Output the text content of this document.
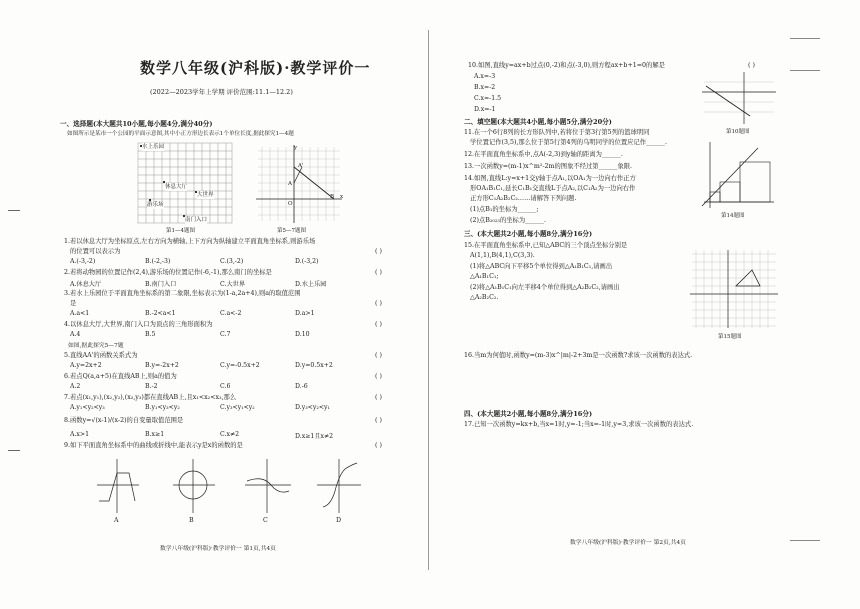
数学八年级(沪科版)·教学评价一
(2022—2023学年上学期 评价范围:11.1—12.2)
一、选择题(本大题共10小题,每小题4分,满分40分)
如图所示是某市一个公园的平面示意图,其中小正方形边长表示1个单位长度,据此探究1—4题
水上乐园
休息大厅
大世界
游乐场
南门入口
第1—4题图
y
A'
A
B
O
x
第5—7题图
1.若以休息大厅为坐标原点,左右方向为横轴,上下方向为纵轴建立平面直角坐标系,则游乐场
的位置可以表示为	( )
A.(-3,-2)	B.(-2,-3)	C.(3,-2)	D.(-3,2)
2.若将动物园的位置记作(2,4),游乐场的位置记作(-6,-1),那么南门的坐标是	( )
A.休息大厅	B.南门入口	C.大世界	D.水上乐园
3.若水上乐园位于平面直角坐标系的第二象限,坐标表示为(1-a,2a+4),则a的取值范围
是	( )
A.a<1	B.-2<a<1	C.a<-2	D.a>1
4.以休息大厅,大世界,南门入口为顶点的三角形面积为	( )
A.4	B.5	C.7	D.10
如图,据此探究5—7题
5.直线AA'的函数关系式为	( )
A.y=2x+2	B.y=-2x+2	C.y=-0.5x+2	D.y=0.5x+2
6.若点Q(a,a+5)在直线AB上,则a的值为	( )
A.2	B.-2	C.6	D.-6
7.若点(x₁,y₁),(x₂,y₂),(x₃,y₃)都在直线AB上,且x₁<x₂<x₃,那么	( )
A.y₁<y₂<y₃	B.y₁<y₃<y₂	C.y₃<y₁<y₂	D.y₃<y₂<y₁
8.函数y=√(x-1)/(x-2)的自变量取值范围是	( )
A.x>1	B.x≥1	C.x≠2	D.x≥1且x≠2
9.如下平面直角坐标系中的曲线或折线中,能表示y是x的函数的是	( )
A	B	C	D
数学八年级(沪科版)·教学评价一 第1页,共4页
10.如图,直线y=ax+b过点(0,-2)和点(-3,0),则方程ax+b+1=0的解是	( )
A.x=-3
B.x=-2
C.x=-1.5
D.x=-1
第10题图
二、填空题(本大题共4小题,每小题5分,满分20分)
11.在一个6行8列的长方形队列中,若将位于第3行第5列的篮球明同
学位置记作(3,5),那么位于第5行第4列的乌明同学的位置应记作______.
12.在平面直角坐标系中,点A(-2,3)到y轴的距离为______.
13.一次函数y=(m-1)x^m²-2m的图象不经过第______象限.
14.如图,直线L:y=x+1交y轴于点A₁,以OA₁为一边向右作正方
形OA₁B₁C₁,延长C₁B₁交直线L于点A₂,以C₁A₂为一边向右作
正方形C₁A₂B₂C₂……请解答下列问题.
(1)点B₁的坐标为______;
(2)点B₂₀₂₃的坐标为______.
第14题图
三、(本大题共2小题,每小题8分,满分16分)
15.在平面直角坐标系中,已知△ABC的三个顶点坐标分别是
A(1,1),B(4,1),C(3,3).
(1)将△ABC向下平移5个单位得到△A₁B₁C₁,请画出
△A₁B₁C₁;
(2)将△A₁B₁C₁向左平移4个单位得到△A₂B₂C₂,请画出
△A₂B₂C₂.
第15题图
16.当m为何值时,函数y=(m-3)x^|m|-2+3m是一次函数?求该一次函数的表达式.
四、(本大题共2小题,每小题8分,满分16分)
17.已知一次函数y=kx+b,当x=1时,y=-1;当x=-1时,y=3,求该一次函数的表达式.
数学八年级(沪科版)·教学评价一 第2页,共4页
